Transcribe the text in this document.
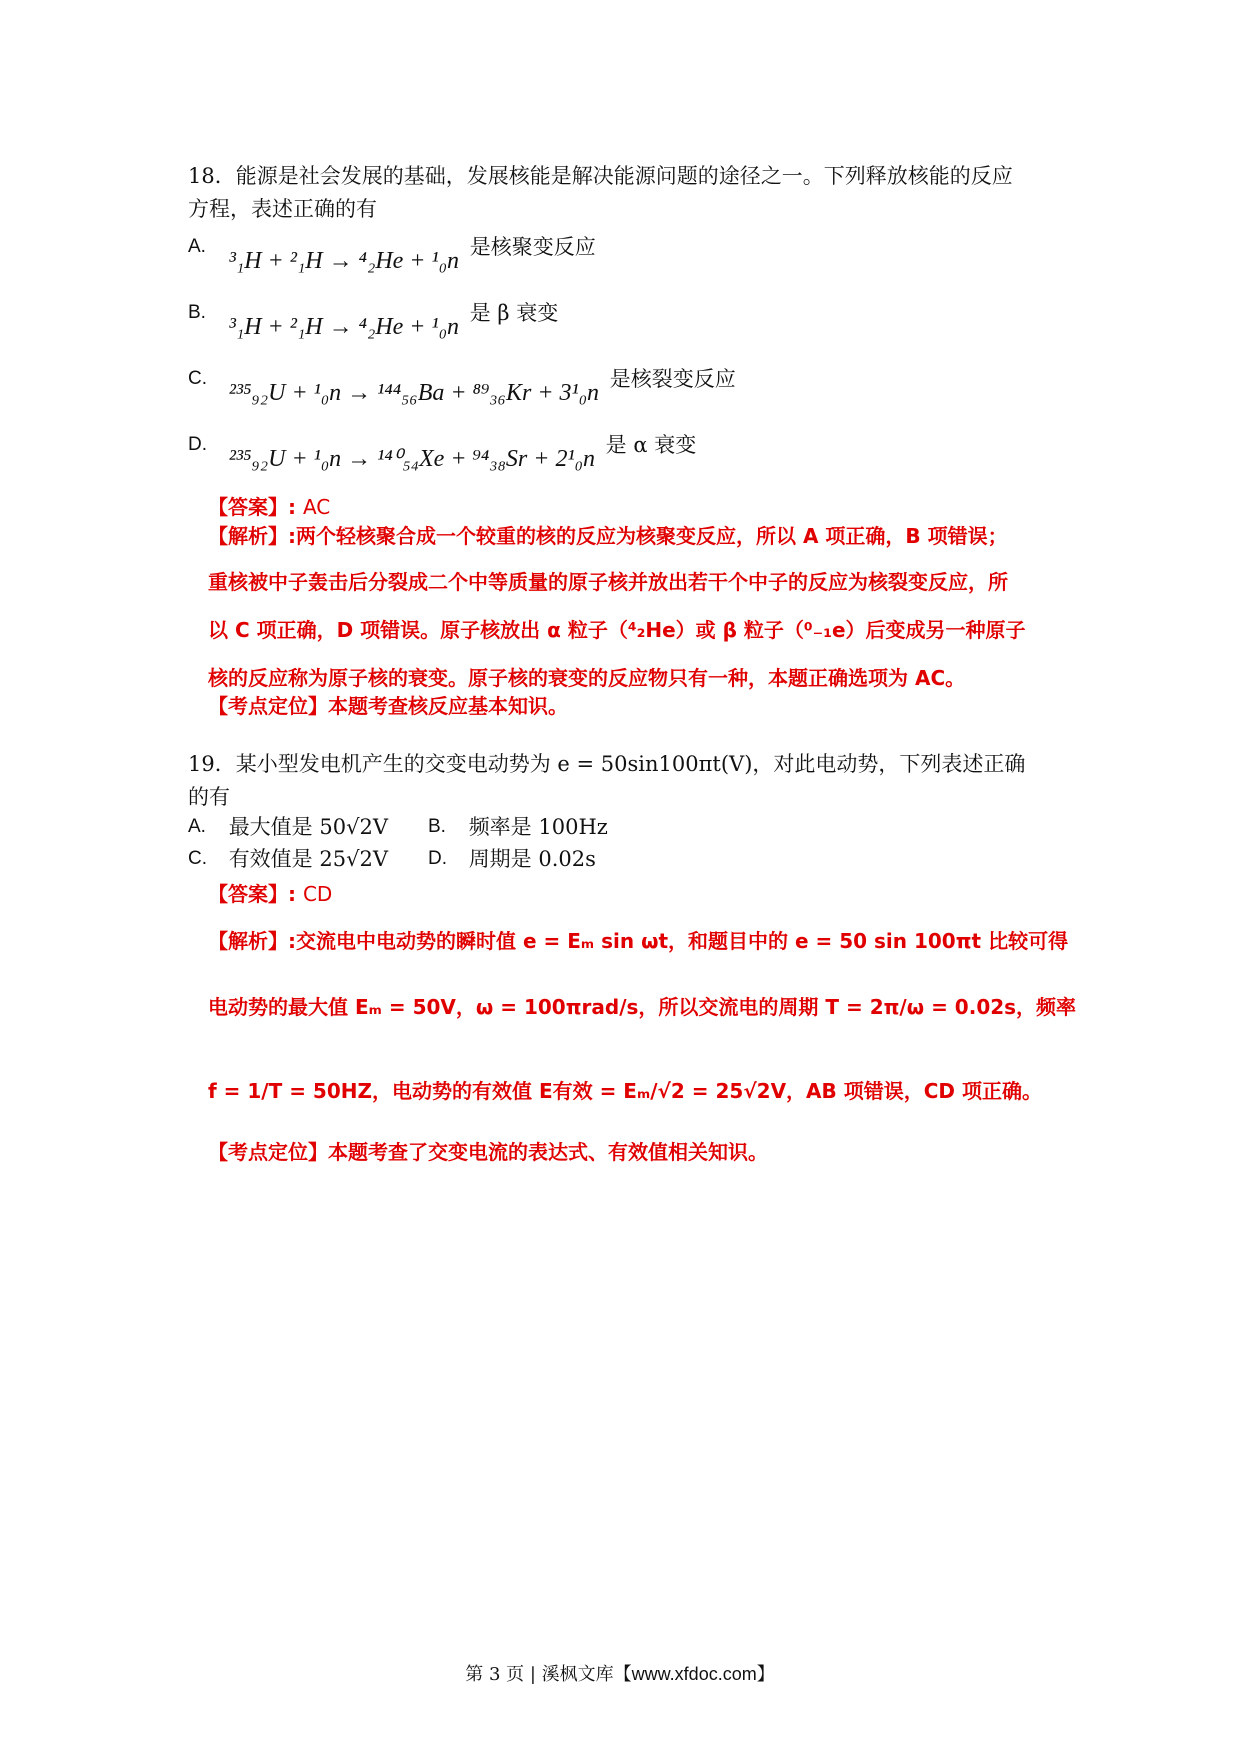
18．能源是社会发展的基础，发展核能是解决能源问题的途径之一。下列释放核能的反应
方程，表述正确的有
A. ³₁H + ²₁H → ⁴₂He + ¹₀n 是核聚变反应
B. ³₁H + ²₁H → ⁴₂He + ¹₀n 是 β 衰变
C. ²³⁵₉₂U + ¹₀n → ¹⁴⁴₅₆Ba + ⁸⁹₃₆Kr + 3¹₀n 是核裂变反应
D. ²³⁵₉₂U + ¹₀n → ¹⁴⁰₅₄Xe + ⁹⁴₃₈Sr + 2¹₀n 是 α 衰变
【答案】: AC
【解析】:两个轻核聚合成一个较重的核的反应为核聚变反应，所以 A 项正确，B 项错误；
重核被中子轰击后分裂成二个中等质量的原子核并放出若干个中子的反应为核裂变反应，所
以 C 项正确，D 项错误。原子核放出 α 粒子（⁴₂He）或 β 粒子（⁰₋₁e）后变成另一种原子
核的反应称为原子核的衰变。原子核的衰变的反应物只有一种，本题正确选项为 AC。
【考点定位】本题考查核反应基本知识。
19．某小型发电机产生的交变电动势为 e = 50sin100πt(V)，对此电动势，下列表述正确
的有
A. 最大值是 50√2V B. 频率是 100Hz
C. 有效值是 25√2V D. 周期是 0.02s
【答案】: CD
【解析】:交流电中电动势的瞬时值 e = Eₘ sin ωt，和题目中的 e = 50 sin 100πt 比较可得
电动势的最大值 Eₘ = 50V，ω = 100πrad/s，所以交流电的周期 T = 2π/ω = 0.02s，频率
f = 1/T = 50HZ，电动势的有效值 E有效 = Eₘ/√2 = 25√2V，AB 项错误，CD 项正确。
【考点定位】本题考查了交变电流的表达式、有效值相关知识。
第 3 页 | 溪枫文库【www.xfdoc.com】
